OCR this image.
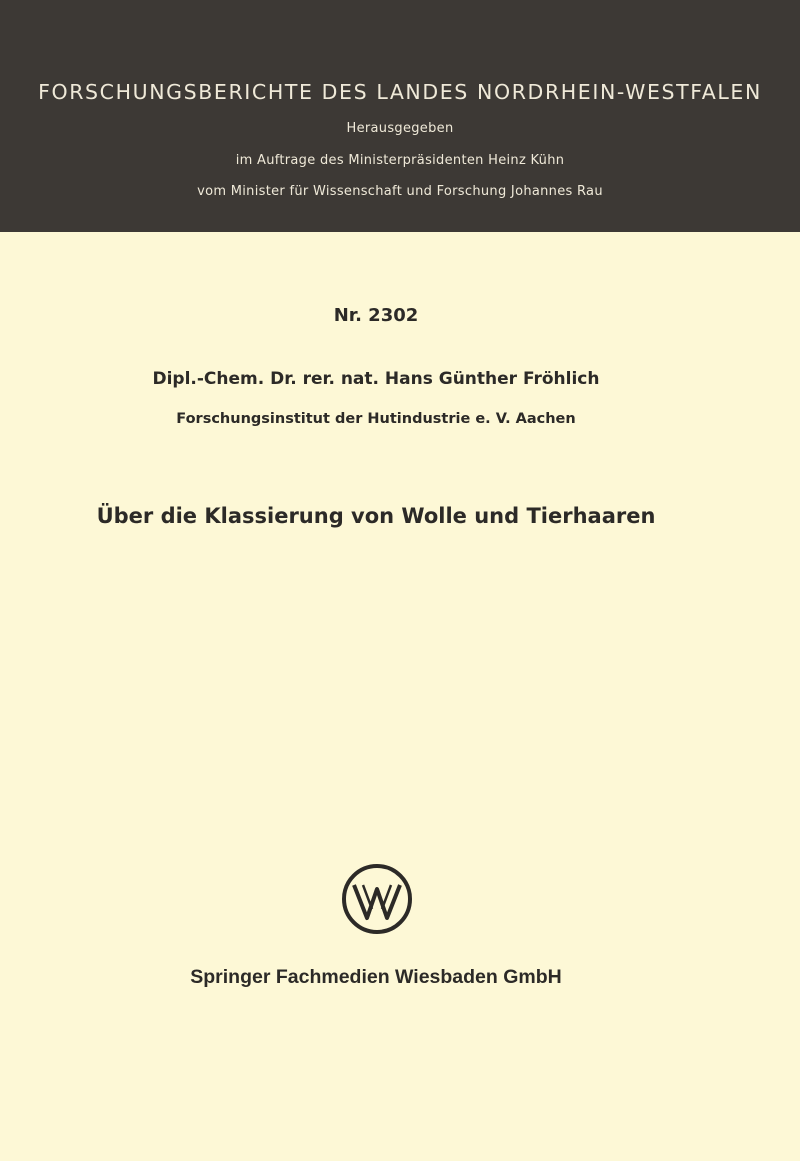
FORSCHUNGSBERICHTE DES LANDES NORDRHEIN-WESTFALEN
Herausgegeben
im Auftrage des Ministerpräsidenten Heinz Kühn
vom Minister für Wissenschaft und Forschung Johannes Rau
Nr. 2302
Dipl.-Chem. Dr. rer. nat. Hans Günther Fröhlich
Forschungsinstitut der Hutindustrie e. V. Aachen
Über die Klassierung von Wolle und Tierhaaren
Springer Fachmedien Wiesbaden GmbH
